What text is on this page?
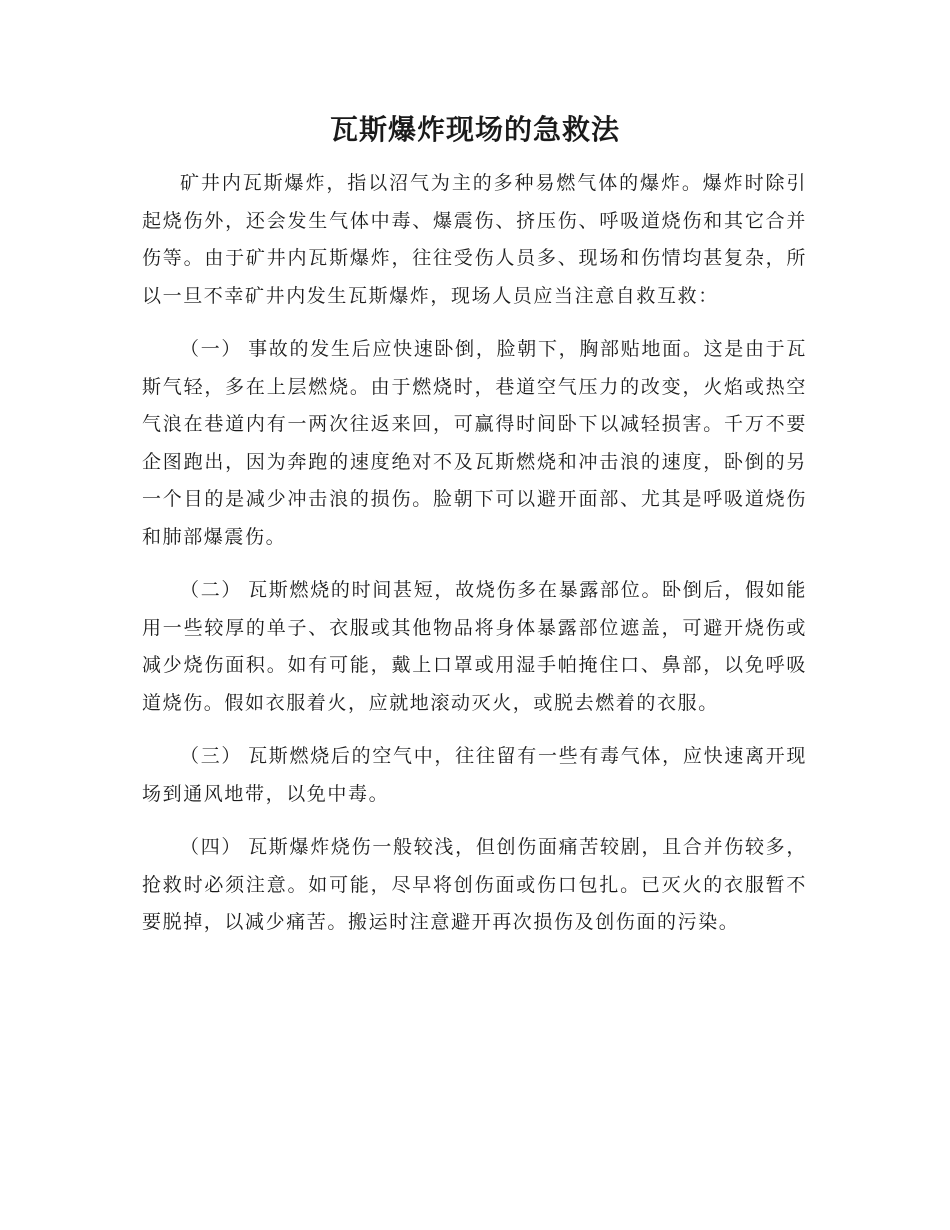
瓦斯爆炸现场的急救法

矿井内瓦斯爆炸，指以沼气为主的多种易燃气体的爆炸。爆炸时除引起烧伤外，还会发生气体中毒、爆震伤、挤压伤、呼吸道烧伤和其它合并伤等。由于矿井内瓦斯爆炸，往往受伤人员多、现场和伤情均甚复杂，所以一旦不幸矿井内发生瓦斯爆炸，现场人员应当注意自救互救：

（一） 事故的发生后应快速卧倒，脸朝下，胸部贴地面。这是由于瓦斯气轻，多在上层燃烧。由于燃烧时，巷道空气压力的改变，火焰或热空气浪在巷道内有一两次往返来回，可赢得时间卧下以减轻损害。千万不要企图跑出，因为奔跑的速度绝对不及瓦斯燃烧和冲击浪的速度，卧倒的另一个目的是减少冲击浪的损伤。脸朝下可以避开面部、尤其是呼吸道烧伤和肺部爆震伤。

（二） 瓦斯燃烧的时间甚短，故烧伤多在暴露部位。卧倒后，假如能用一些较厚的单子、衣服或其他物品将身体暴露部位遮盖，可避开烧伤或减少烧伤面积。如有可能，戴上口罩或用湿手帕掩住口、鼻部，以免呼吸道烧伤。假如衣服着火，应就地滚动灭火，或脱去燃着的衣服。

（三） 瓦斯燃烧后的空气中，往往留有一些有毒气体，应快速离开现场到通风地带，以免中毒。

（四） 瓦斯爆炸烧伤一般较浅，但创伤面痛苦较剧，且合并伤较多，抢救时必须注意。如可能，尽早将创伤面或伤口包扎。已灭火的衣服暂不要脱掉，以减少痛苦。搬运时注意避开再次损伤及创伤面的污染。
